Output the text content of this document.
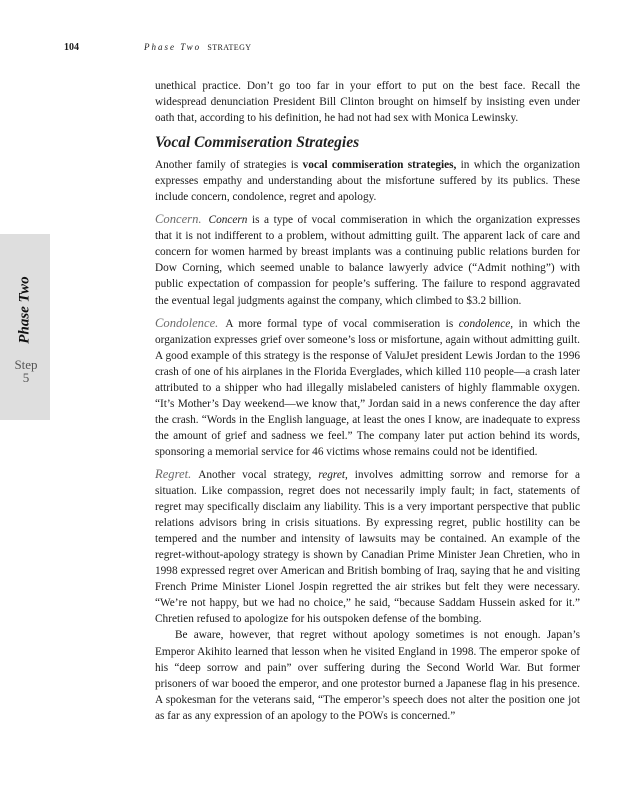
104	Phase Two STRATEGY
Phase Two
Step
5

unethical practice. Don’t go too far in your effort to put on the best face. Recall the widespread denunciation President Bill Clinton brought on himself by insisting even under oath that, according to his definition, he had not had sex with Monica Lewinsky.

Vocal Commiseration Strategies

Another family of strategies is vocal commiseration strategies, in which the organization expresses empathy and understanding about the misfortune suffered by its publics. These include concern, condolence, regret and apology.

Concern. Concern is a type of vocal commiseration in which the organization expresses that it is not indifferent to a problem, without admitting guilt. The apparent lack of care and concern for women harmed by breast implants was a continuing public relations burden for Dow Corning, which seemed unable to balance lawyerly advice (“Admit nothing”) with public expectation of compassion for people’s suffering. The failure to respond aggravated the eventual legal judgments against the company, which climbed to $3.2 billion.

Condolence. A more formal type of vocal commiseration is condolence, in which the organization expresses grief over someone’s loss or misfortune, again without admitting guilt. A good example of this strategy is the response of ValuJet president Lewis Jordan to the 1996 crash of one of his airplanes in the Florida Everglades, which killed 110 people—a crash later attributed to a shipper who had illegally mislabeled canisters of highly flammable oxygen. “It’s Mother’s Day weekend—we know that,” Jordan said in a news conference the day after the crash. “Words in the English language, at least the ones I know, are inadequate to express the amount of grief and sadness we feel.” The company later put action behind its words, sponsoring a memorial service for 46 victims whose remains could not be identified.

Regret. Another vocal strategy, regret, involves admitting sorrow and remorse for a situation. Like compassion, regret does not necessarily imply fault; in fact, statements of regret may specifically disclaim any liability. This is a very important perspective that public relations advisors bring in crisis situations. By expressing regret, public hostility can be tempered and the number and intensity of lawsuits may be contained. An example of the regret-without-apology strategy is shown by Canadian Prime Minister Jean Chretien, who in 1998 expressed regret over American and British bombing of Iraq, saying that he and visiting French Prime Minister Lionel Jospin regretted the air strikes but felt they were necessary. “We’re not happy, but we had no choice,” he said, “because Saddam Hussein asked for it.” Chretien refused to apologize for his outspoken defense of the bombing.

Be aware, however, that regret without apology sometimes is not enough. Japan’s Emperor Akihito learned that lesson when he visited England in 1998. The emperor spoke of his “deep sorrow and pain” over suffering during the Second World War. But former prisoners of war booed the emperor, and one protestor burned a Japanese flag in his presence. A spokesman for the veterans said, “The emperor’s speech does not alter the position one jot as far as any expression of an apology to the POWs is concerned.”
